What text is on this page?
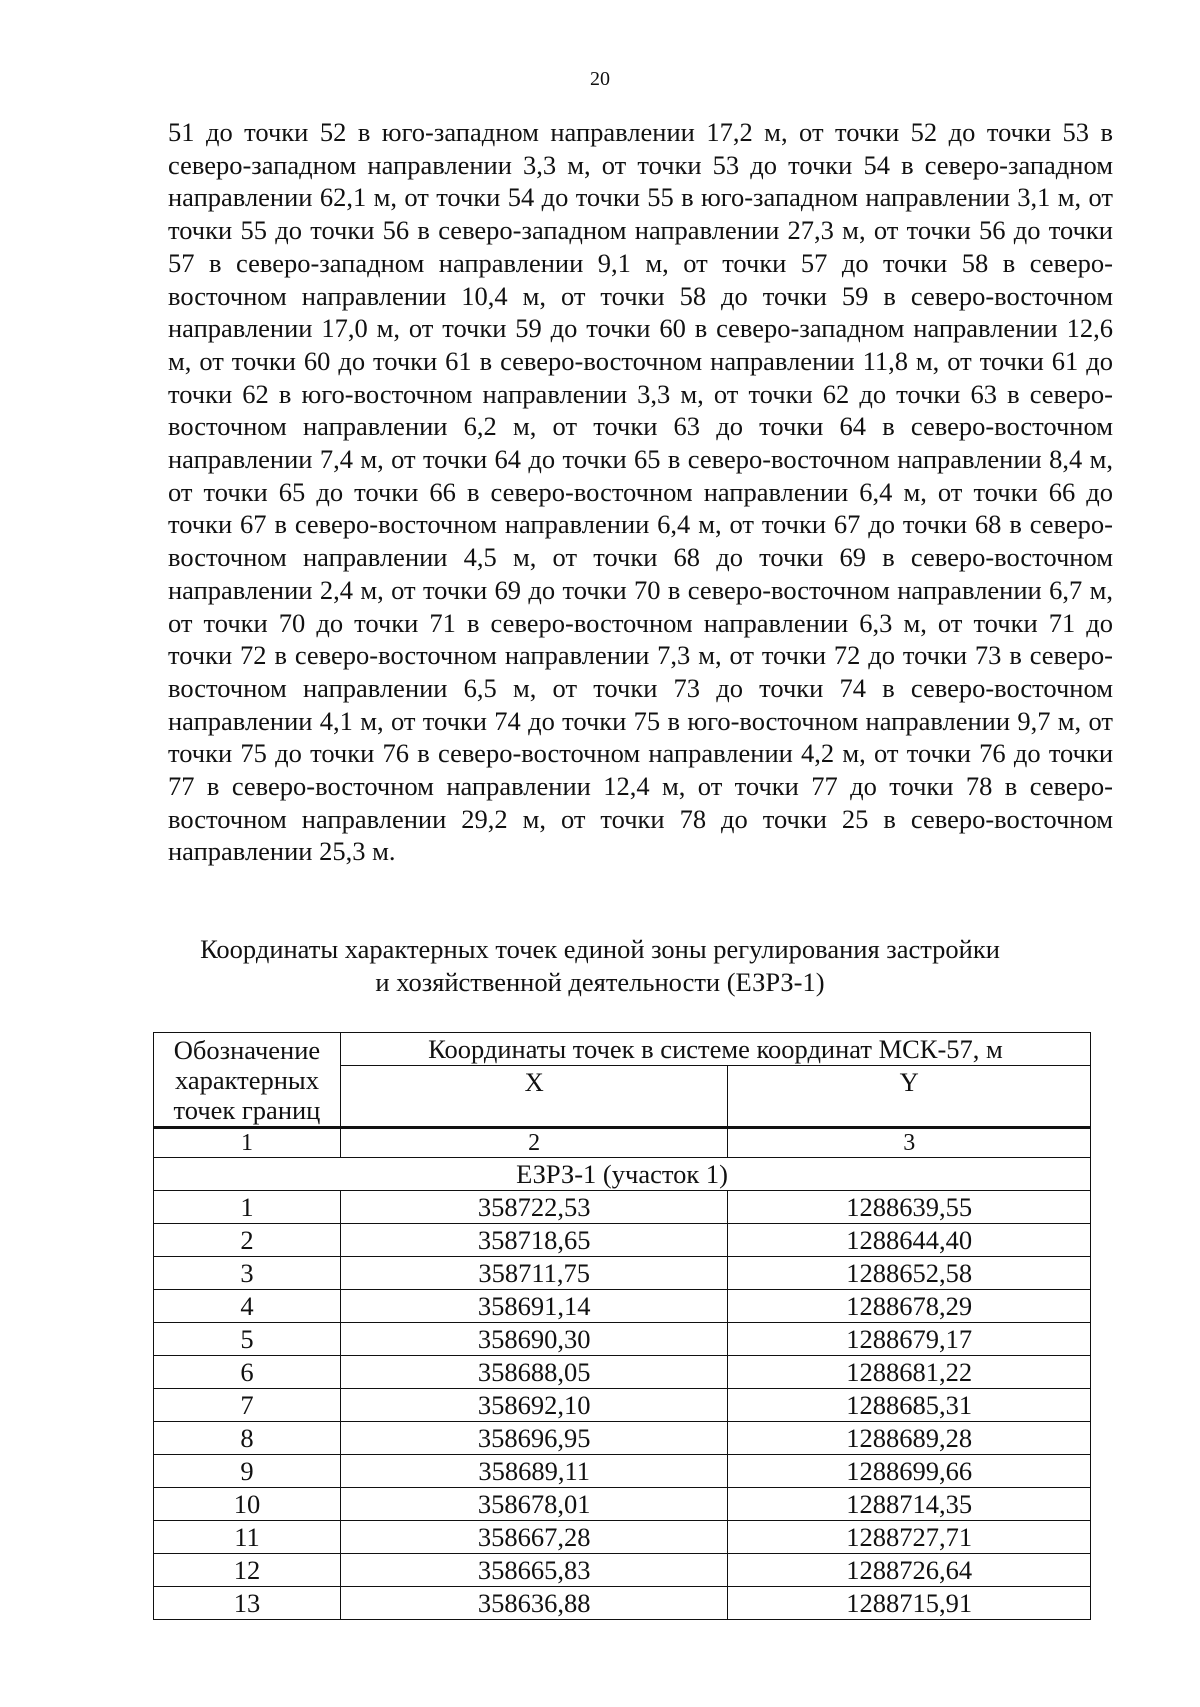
20
51 до точки 52 в юго-западном направлении 17,2 м, от точки 52 до точки 53 в северо-западном направлении 3,3 м, от точки 53 до точки 54 в северо-западном направлении 62,1 м, от точки 54 до точки 55 в юго-западном направлении 3,1 м, от точки 55 до точки 56 в северо-западном направлении 27,3 м, от точки 56 до точки 57 в северо-западном направлении 9,1 м, от точки 57 до точки 58 в северо-восточном направлении 10,4 м, от точки 58 до точки 59 в северо-восточном направлении 17,0 м, от точки 59 до точки 60 в северо-западном направлении 12,6 м, от точки 60 до точки 61 в северо-восточном направлении 11,8 м, от точки 61 до точки 62 в юго-восточном направлении 3,3 м, от точки 62 до точки 63 в северо-восточном направлении 6,2 м, от точки 63 до точки 64 в северо-восточном направлении 7,4 м, от точки 64 до точки 65 в северо-восточном направлении 8,4 м, от точки 65 до точки 66 в северо-восточном направлении 6,4 м, от точки 66 до точки 67 в северо-восточном направлении 6,4 м, от точки 67 до точки 68 в северо-восточном направлении 4,5 м, от точки 68 до точки 69 в северо-восточном направлении 2,4 м, от точки 69 до точки 70 в северо-восточном направлении 6,7 м, от точки 70 до точки 71 в северо-восточном направлении 6,3 м, от точки 71 до точки 72 в северо-восточном направлении 7,3 м, от точки 72 до точки 73 в северо-восточном направлении 6,5 м, от точки 73 до точки 74 в северо-восточном направлении 4,1 м, от точки 74 до точки 75 в юго-восточном направлении 9,7 м, от точки 75 до точки 76 в северо-восточном направлении 4,2 м, от точки 76 до точки 77 в северо-восточном направлении 12,4 м, от точки 77 до точки 78 в северо-восточном направлении 29,2 м, от точки 78 до точки 25 в северо-восточном направлении 25,3 м.
Координаты характерных точек единой зоны регулирования застройки
и хозяйственной деятельности (ЕЗРЗ-1)
Обозначение характерных точек границ	Координаты точек в системе координат МСК-57, м	
	X	Y
1	2	3
ЕЗРЗ-1 (участок 1)		
1	358722,53	1288639,55
2	358718,65	1288644,40
3	358711,75	1288652,58
4	358691,14	1288678,29
5	358690,30	1288679,17
6	358688,05	1288681,22
7	358692,10	1288685,31
8	358696,95	1288689,28
9	358689,11	1288699,66
10	358678,01	1288714,35
11	358667,28	1288727,71
12	358665,83	1288726,64
13	358636,88	1288715,91
